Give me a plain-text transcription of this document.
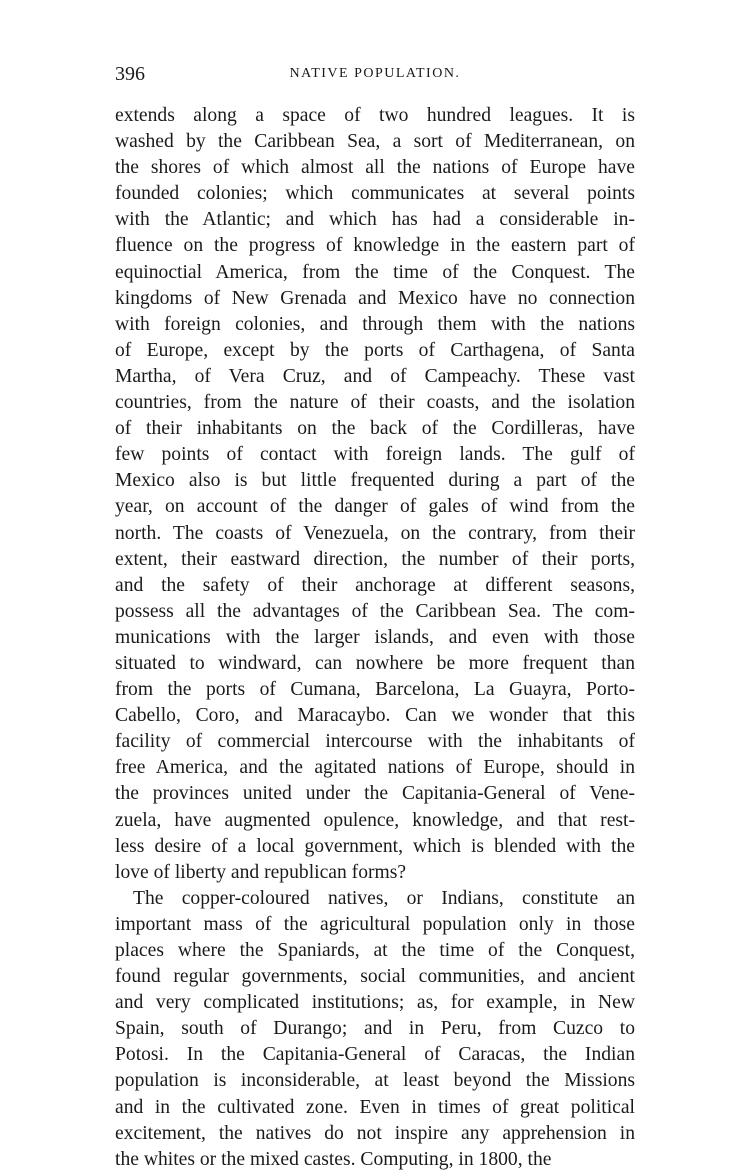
396	NATIVE POPULATION.
extends along a space of two hundred leagues. It is
washed by the Caribbean Sea, a sort of Mediterranean, on
the shores of which almost all the nations of Europe have
founded colonies; which communicates at several points
with the Atlantic; and which has had a considerable in-
fluence on the progress of knowledge in the eastern part of
equinoctial America, from the time of the Conquest. The
kingdoms of New Grenada and Mexico have no connection
with foreign colonies, and through them with the nations
of Europe, except by the ports of Carthagena, of Santa
Martha, of Vera Cruz, and of Campeachy. These vast
countries, from the nature of their coasts, and the isolation
of their inhabitants on the back of the Cordilleras, have
few points of contact with foreign lands. The gulf of
Mexico also is but little frequented during a part of the
year, on account of the danger of gales of wind from the
north. The coasts of Venezuela, on the contrary, from their
extent, their eastward direction, the number of their ports,
and the safety of their anchorage at different seasons,
possess all the advantages of the Caribbean Sea. The com-
munications with the larger islands, and even with those
situated to windward, can nowhere be more frequent than
from the ports of Cumana, Barcelona, La Guayra, Porto-
Cabello, Coro, and Maracaybo. Can we wonder that this
facility of commercial intercourse with the inhabitants of
free America, and the agitated nations of Europe, should in
the provinces united under the Capitania-General of Vene-
zuela, have augmented opulence, knowledge, and that rest-
less desire of a local government, which is blended with the
love of liberty and republican forms?
The copper-coloured natives, or Indians, constitute an
important mass of the agricultural population only in those
places where the Spaniards, at the time of the Conquest,
found regular governments, social communities, and ancient
and very complicated institutions; as, for example, in New
Spain, south of Durango; and in Peru, from Cuzco to
Potosi. In the Capitania-General of Caracas, the Indian
population is inconsiderable, at least beyond the Missions
and in the cultivated zone. Even in times of great political
excitement, the natives do not inspire any apprehension in
the whites or the mixed castes. Computing, in 1800, the
